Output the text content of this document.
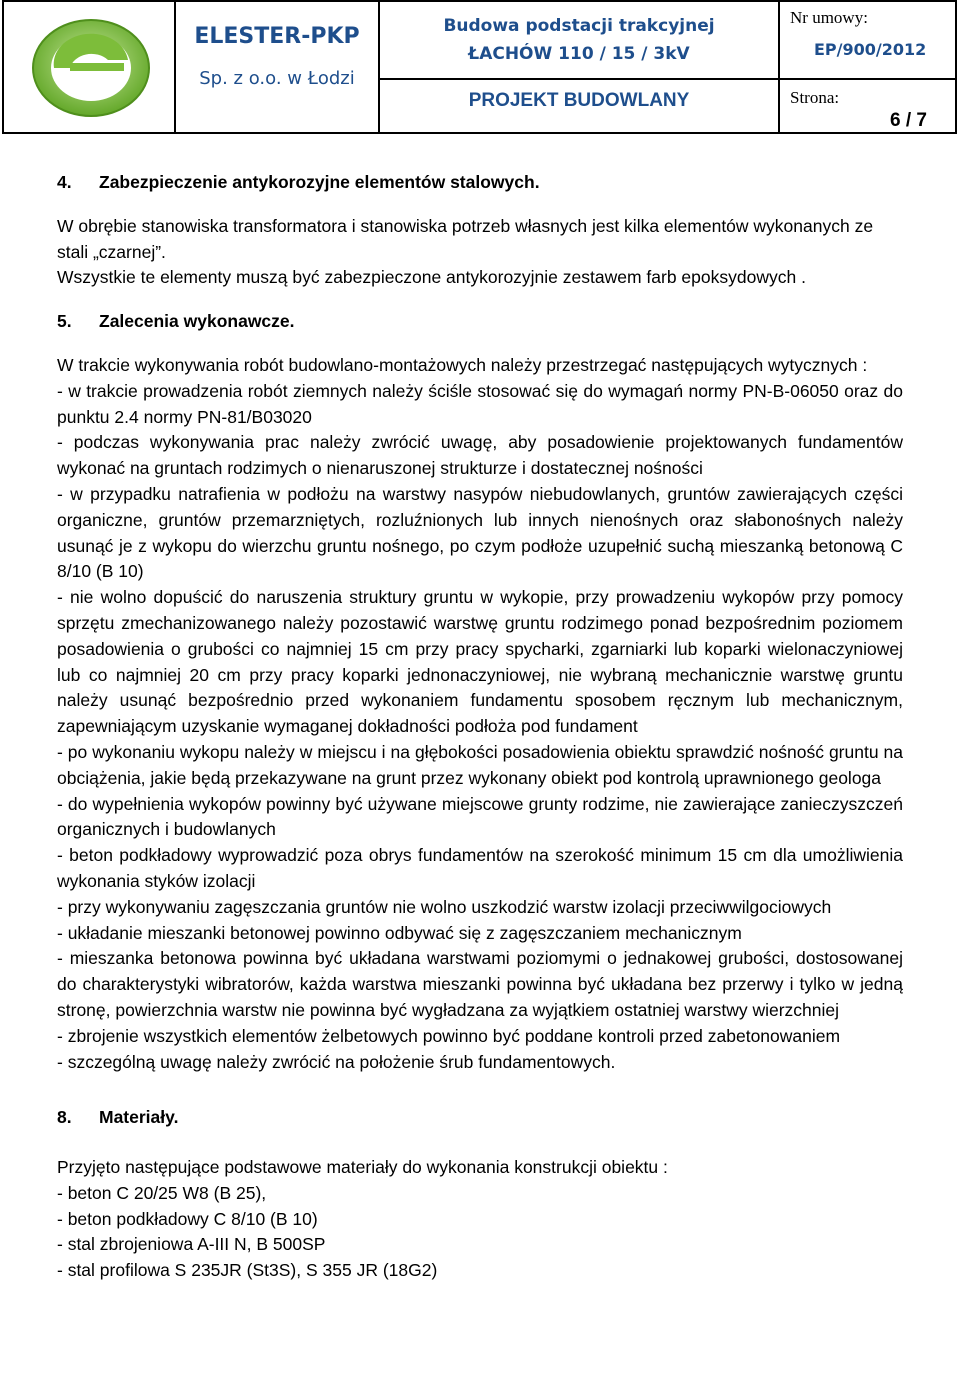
ELESTER-PKP
Sp. z o.o. w Łodzi
Budowa podstacji trakcyjnej
ŁACHÓW 110 / 15 / 3kV
PROJEKT BUDOWLANY
Nr umowy:
EP/900/2012
Strona:
6 / 7

4. Zabezpieczenie antykorozyjne elementów stalowych.

W obrębie stanowiska transformatora i stanowiska potrzeb własnych jest kilka elementów wykonanych ze stali „czarnej”.

Wszystkie te elementy muszą być zabezpieczone antykorozyjnie zestawem farb epoksydowych .

5. Zalecenia wykonawcze.

W trakcie wykonywania robót budowlano-montażowych należy przestrzegać następujących wytycznych :

- w trakcie prowadzenia robót ziemnych należy ściśle stosować się do wymagań normy PN-B-06050 oraz do punktu 2.4 normy PN-81/B03020

- podczas wykonywania prac należy zwrócić uwagę, aby posadowienie projektowanych fundamentów wykonać na gruntach rodzimych o nienaruszonej strukturze i dostatecznej nośności

- w przypadku natrafienia w podłożu na warstwy nasypów niebudowlanych, gruntów zawierających części organiczne, gruntów przemarzniętych, rozluźnionych lub innych nienośnych oraz słabonośnych należy usunąć je z wykopu do wierzchu gruntu nośnego, po czym podłoże uzupełnić suchą mieszanką betonową C 8/10 (B 10)

- nie wolno dopuścić do naruszenia struktury gruntu w wykopie, przy prowadzeniu wykopów przy pomocy sprzętu zmechanizowanego należy pozostawić warstwę gruntu rodzimego ponad bezpośrednim poziomem posadowienia o grubości co najmniej 15 cm przy pracy spycharki, zgarniarki lub koparki wielonaczyniowej lub co najmniej 20 cm przy pracy koparki jednonaczyniowej, nie wybraną mechanicznie warstwę gruntu należy usunąć bezpośrednio przed wykonaniem fundamentu sposobem ręcznym lub mechanicznym, zapewniającym uzyskanie wymaganej dokładności podłoża pod fundament

- po wykonaniu wykopu należy w miejscu i na głębokości posadowienia obiektu sprawdzić nośność gruntu na obciążenia, jakie będą przekazywane na grunt przez wykonany obiekt pod kontrolą uprawnionego geologa

- do wypełnienia wykopów powinny być używane miejscowe grunty rodzime, nie zawierające zanieczyszczeń organicznych i budowlanych

- beton podkładowy wyprowadzić poza obrys fundamentów na szerokość minimum 15 cm dla umożliwienia wykonania styków izolacji

- przy wykonywaniu zagęszczania gruntów nie wolno uszkodzić warstw izolacji przeciwwilgociowych

- układanie mieszanki betonowej powinno odbywać się z zagęszczaniem mechanicznym

- mieszanka betonowa powinna być układana warstwami poziomymi o jednakowej grubości, dostosowanej do charakterystyki wibratorów, każda warstwa mieszanki powinna być układana bez przerwy i tylko w jedną stronę, powierzchnia warstw nie powinna być wygładzana za wyjątkiem ostatniej warstwy wierzchniej

- zbrojenie wszystkich elementów żelbetowych powinno być poddane kontroli przed zabetonowaniem

- szczególną uwagę należy zwrócić na położenie śrub fundamentowych.

8. Materiały.

Przyjęto następujące podstawowe materiały do wykonania konstrukcji obiektu :

- beton C 20/25 W8 (B 25),

- beton podkładowy C 8/10 (B 10)

- stal zbrojeniowa A-III N, B 500SP

- stal profilowa S 235JR (St3S), S 355 JR (18G2)
